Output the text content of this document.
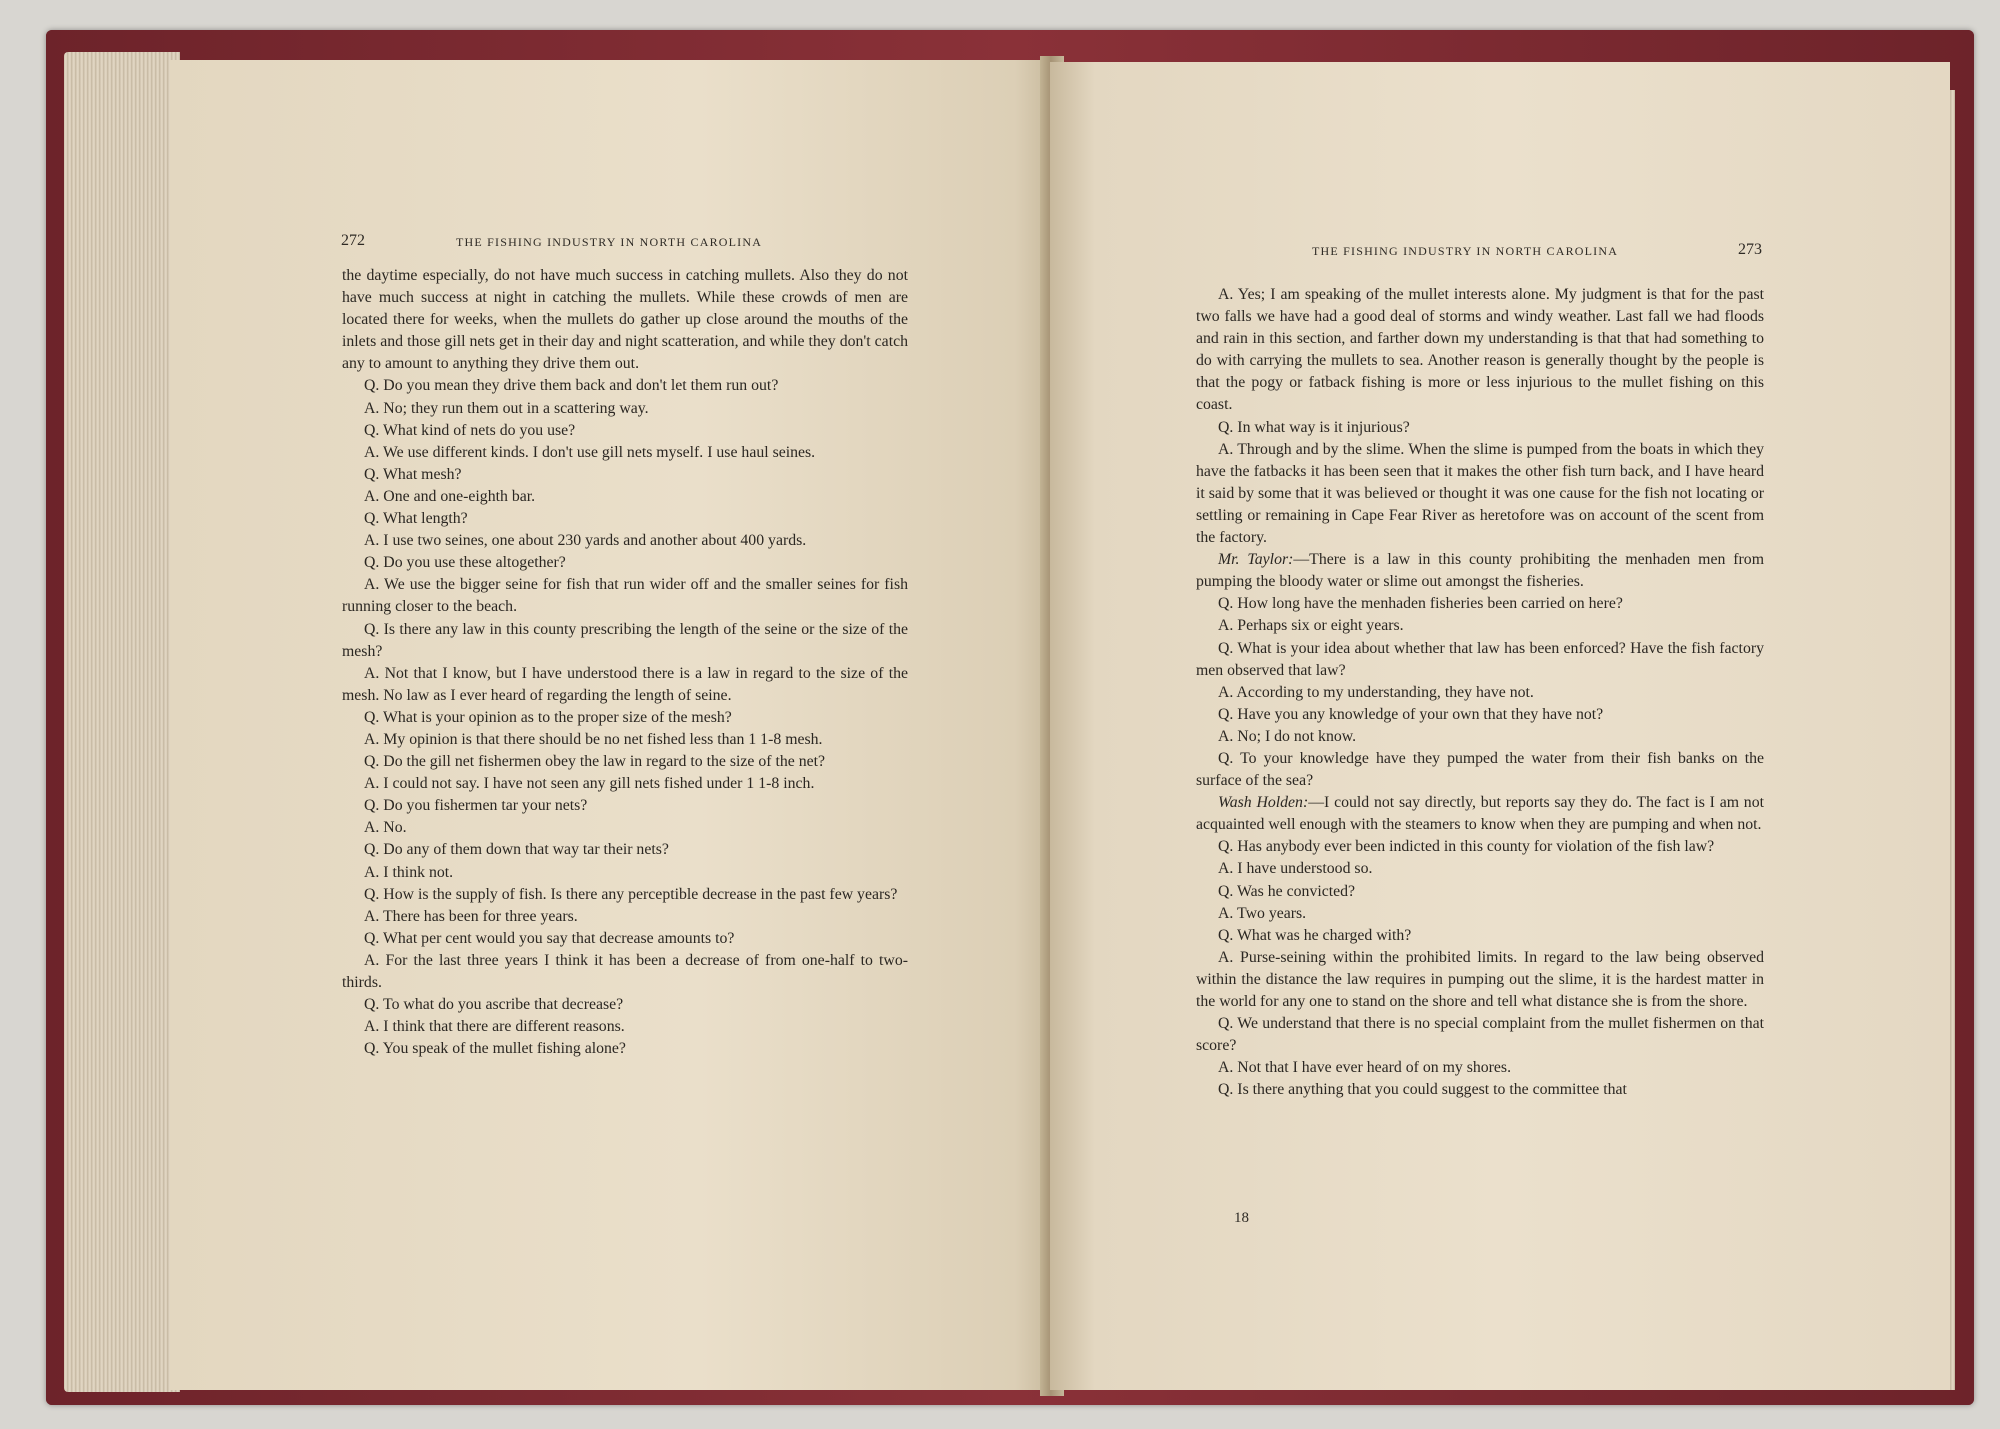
272	THE FISHING INDUSTRY IN NORTH CAROLINA

the daytime especially, do not have much success in catching mullets. Also they do not have much success at night in catching the mullets. While these crowds of men are located there for weeks, when the mullets do gather up close around the mouths of the inlets and those gill nets get in their day and night scatteration, and while they don't catch any to amount to anything they drive them out.

Q. Do you mean they drive them back and don't let them run out?

A. No; they run them out in a scattering way.

Q. What kind of nets do you use?

A. We use different kinds. I don't use gill nets myself. I use haul seines.

Q. What mesh?

A. One and one-eighth bar.

Q. What length?

A. I use two seines, one about 230 yards and another about 400 yards.

Q. Do you use these altogether?

A. We use the bigger seine for fish that run wider off and the smaller seines for fish running closer to the beach.

Q. Is there any law in this county prescribing the length of the seine or the size of the mesh?

A. Not that I know, but I have understood there is a law in regard to the size of the mesh. No law as I ever heard of regarding the length of seine.

Q. What is your opinion as to the proper size of the mesh?

A. My opinion is that there should be no net fished less than 1 1-8 mesh.

Q. Do the gill net fishermen obey the law in regard to the size of the net?

A. I could not say. I have not seen any gill nets fished under 1 1-8 inch.

Q. Do you fishermen tar your nets?

A. No.

Q. Do any of them down that way tar their nets?

A. I think not.

Q. How is the supply of fish. Is there any perceptible decrease in the past few years?

A. There has been for three years.

Q. What per cent would you say that decrease amounts to?

A. For the last three years I think it has been a decrease of from one-half to two-thirds.

Q. To what do you ascribe that decrease?

A. I think that there are different reasons.

Q. You speak of the mullet fishing alone?

THE FISHING INDUSTRY IN NORTH CAROLINA	273

A. Yes; I am speaking of the mullet interests alone. My judgment is that for the past two falls we have had a good deal of storms and windy weather. Last fall we had floods and rain in this section, and farther down my understanding is that that had something to do with carrying the mullets to sea. Another reason is generally thought by the people is that the pogy or fatback fishing is more or less injurious to the mullet fishing on this coast.

Q. In what way is it injurious?

A. Through and by the slime. When the slime is pumped from the boats in which they have the fatbacks it has been seen that it makes the other fish turn back, and I have heard it said by some that it was believed or thought it was one cause for the fish not locating or settling or remaining in Cape Fear River as heretofore was on account of the scent from the factory.

Mr. Taylor:—There is a law in this county prohibiting the menhaden men from pumping the bloody water or slime out amongst the fisheries.

Q. How long have the menhaden fisheries been carried on here?

A. Perhaps six or eight years.

Q. What is your idea about whether that law has been enforced? Have the fish factory men observed that law?

A. According to my understanding, they have not.

Q. Have you any knowledge of your own that they have not?

A. No; I do not know.

Q. To your knowledge have they pumped the water from their fish banks on the surface of the sea?

Wash Holden:—I could not say directly, but reports say they do. The fact is I am not acquainted well enough with the steamers to know when they are pumping and when not.

Q. Has anybody ever been indicted in this county for violation of the fish law?

A. I have understood so.

Q. Was he convicted?

A. Two years.

Q. What was he charged with?

A. Purse-seining within the prohibited limits. In regard to the law being observed within the distance the law requires in pumping out the slime, it is the hardest matter in the world for any one to stand on the shore and tell what distance she is from the shore.

Q. We understand that there is no special complaint from the mullet fishermen on that score?

A. Not that I have ever heard of on my shores.

Q. Is there anything that you could suggest to the committee that

18
